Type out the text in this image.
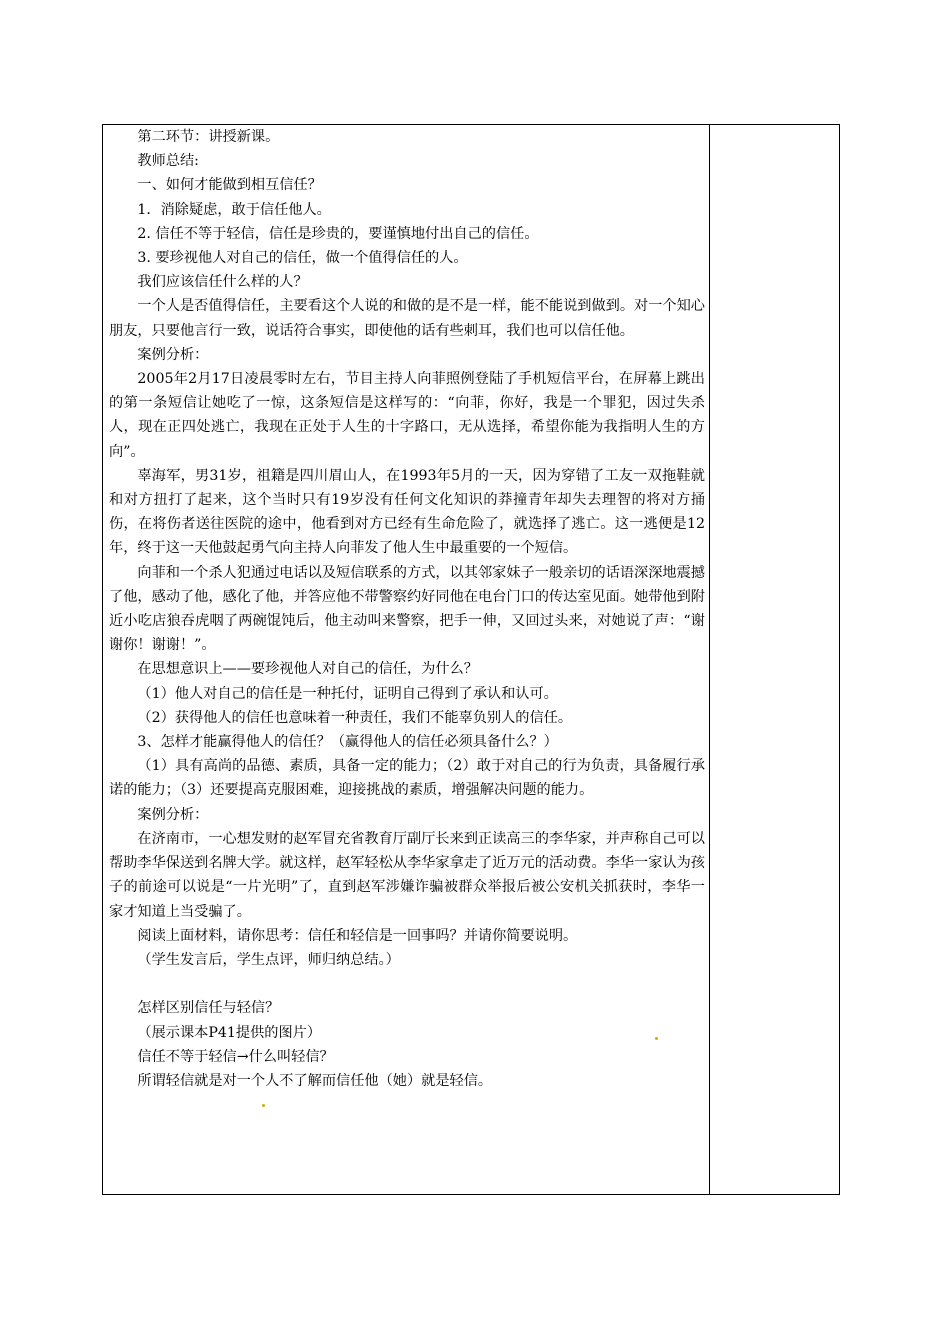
第二环节：讲授新课。

教师总结:

一、如何才能做到相互信任？

1．消除疑虑，敢于信任他人。

2. 信任不等于轻信，信任是珍贵的，要谨慎地付出自己的信任。

3. 要珍视他人对自己的信任，做一个值得信任的人。

我们应该信任什么样的人？

一个人是否值得信任，主要看这个人说的和做的是不是一样，能不能说到做到。对一个知心朋友，只要他言行一致，说话符合事实，即使他的话有些刺耳，我们也可以信任他。

案例分析：

2005年2月17日凌晨零时左右，节目主持人向菲照例登陆了手机短信平台，在屏幕上跳出的第一条短信让她吃了一惊，这条短信是这样写的：“向菲，你好，我是一个罪犯，因过失杀人，现在正四处逃亡，我现在正处于人生的十字路口，无从选择，希望你能为我指明人生的方向”。

辜海军，男31岁，祖籍是四川眉山人，在1993年5月的一天，因为穿错了工友一双拖鞋就和对方扭打了起来，这个当时只有19岁没有任何文化知识的莽撞青年却失去理智的将对方捅伤，在将伤者送往医院的途中，他看到对方已经有生命危险了，就选择了逃亡。这一逃便是12年，终于这一天他鼓起勇气向主持人向菲发了他人生中最重要的一个短信。

向菲和一个杀人犯通过电话以及短信联系的方式，以其邻家妹子一般亲切的话语深深地震撼了他，感动了他，感化了他，并答应他不带警察约好同他在电台门口的传达室见面。她带他到附近小吃店狼吞虎咽了两碗馄饨后，他主动叫来警察，把手一伸，又回过头来，对她说了声：“谢谢你！谢谢！”。

在思想意识上——要珍视他人对自己的信任，为什么？

（1）他人对自己的信任是一种托付，证明自己得到了承认和认可。

（2）获得他人的信任也意味着一种责任，我们不能辜负别人的信任。

3、怎样才能赢得他人的信任？（赢得他人的信任必须具备什么？）

（1）具有高尚的品德、素质，具备一定的能力；（2）敢于对自己的行为负责，具备履行承诺的能力；（3）还要提高克服困难，迎接挑战的素质，增强解决问题的能力。

案例分析：

在济南市，一心想发财的赵军冒充省教育厅副厅长来到正读高三的李华家，并声称自己可以帮助李华保送到名牌大学。就这样，赵军轻松从李华家拿走了近万元的活动费。李华一家认为孩子的前途可以说是“一片光明”了，直到赵军涉嫌诈骗被群众举报后被公安机关抓获时，李华一家才知道上当受骗了。

阅读上面材料，请你思考：信任和轻信是一回事吗？并请你简要说明。

（学生发言后，学生点评，师归纳总结。）

怎样区别信任与轻信？

（展示课本P41提供的图片）

信任不等于轻信→什么叫轻信？

所谓轻信就是对一个人不了解而信任他（她）就是轻信。
